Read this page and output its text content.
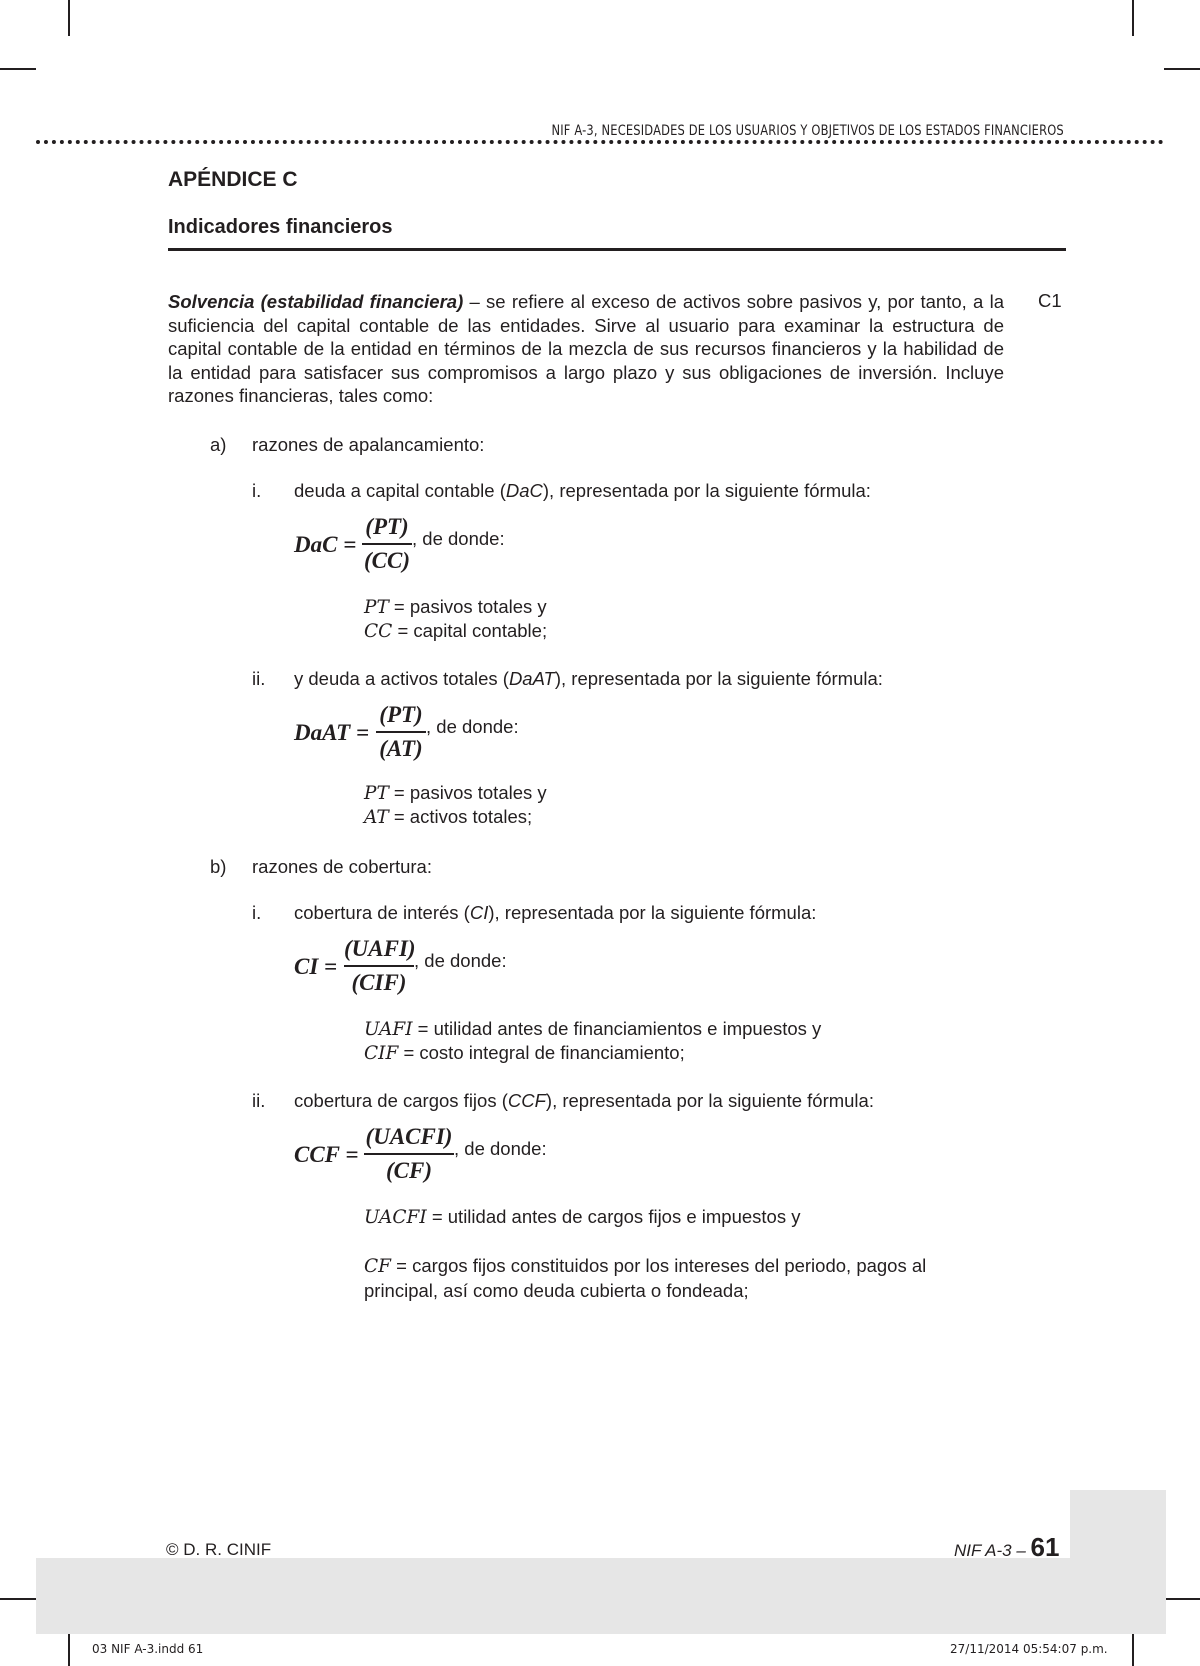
NIF A-3, NECESIDADES DE LOS USUARIOS Y OBJETIVOS DE LOS ESTADOS FINANCIEROS
APÉNDICE C
Indicadores financieros
Solvencia (estabilidad financiera) – se refiere al exceso de activos sobre pasivos y, por tanto, a la suficiencia del capital contable de las entidades. Sirve al usuario para examinar la estructura de capital contable de la entidad en términos de la mezcla de sus recursos financieros y la habilidad de la entidad para satisfacer sus compromisos a largo plazo y sus obligaciones de inversión. Incluye razones financieras, tales como:
C1
a) razones de apalancamiento:
i. deuda a capital contable (DaC), representada por la siguiente fórmula:
DaC =
(PT)
(CC)
, de donde:
PT = pasivos totales y
CC = capital contable;
ii. y deuda a activos totales (DaAT), representada por la siguiente fórmula:
DaAT =
(PT)
(AT)
, de donde:
PT = pasivos totales y
AT = activos totales;
b) razones de cobertura:
i. cobertura de interés (CI), representada por la siguiente fórmula:
CI =
(UAFI)
(CIF)
, de donde:
UAFI = utilidad antes de financiamientos e impuestos y
CIF = costo integral de financiamiento;
ii. cobertura de cargos fijos (CCF), representada por la siguiente fórmula:
CCF =
(UACFI)
(CF)
, de donde:
UACFI = utilidad antes de cargos fijos e impuestos y
CF = cargos fijos constituidos por los intereses del periodo, pagos al principal, así como deuda cubierta o fondeada;
© D. R. CINIF	NIF A-3 – 61
03 NIF A-3.indd 61	27/11/2014 05:54:07 p.m.
